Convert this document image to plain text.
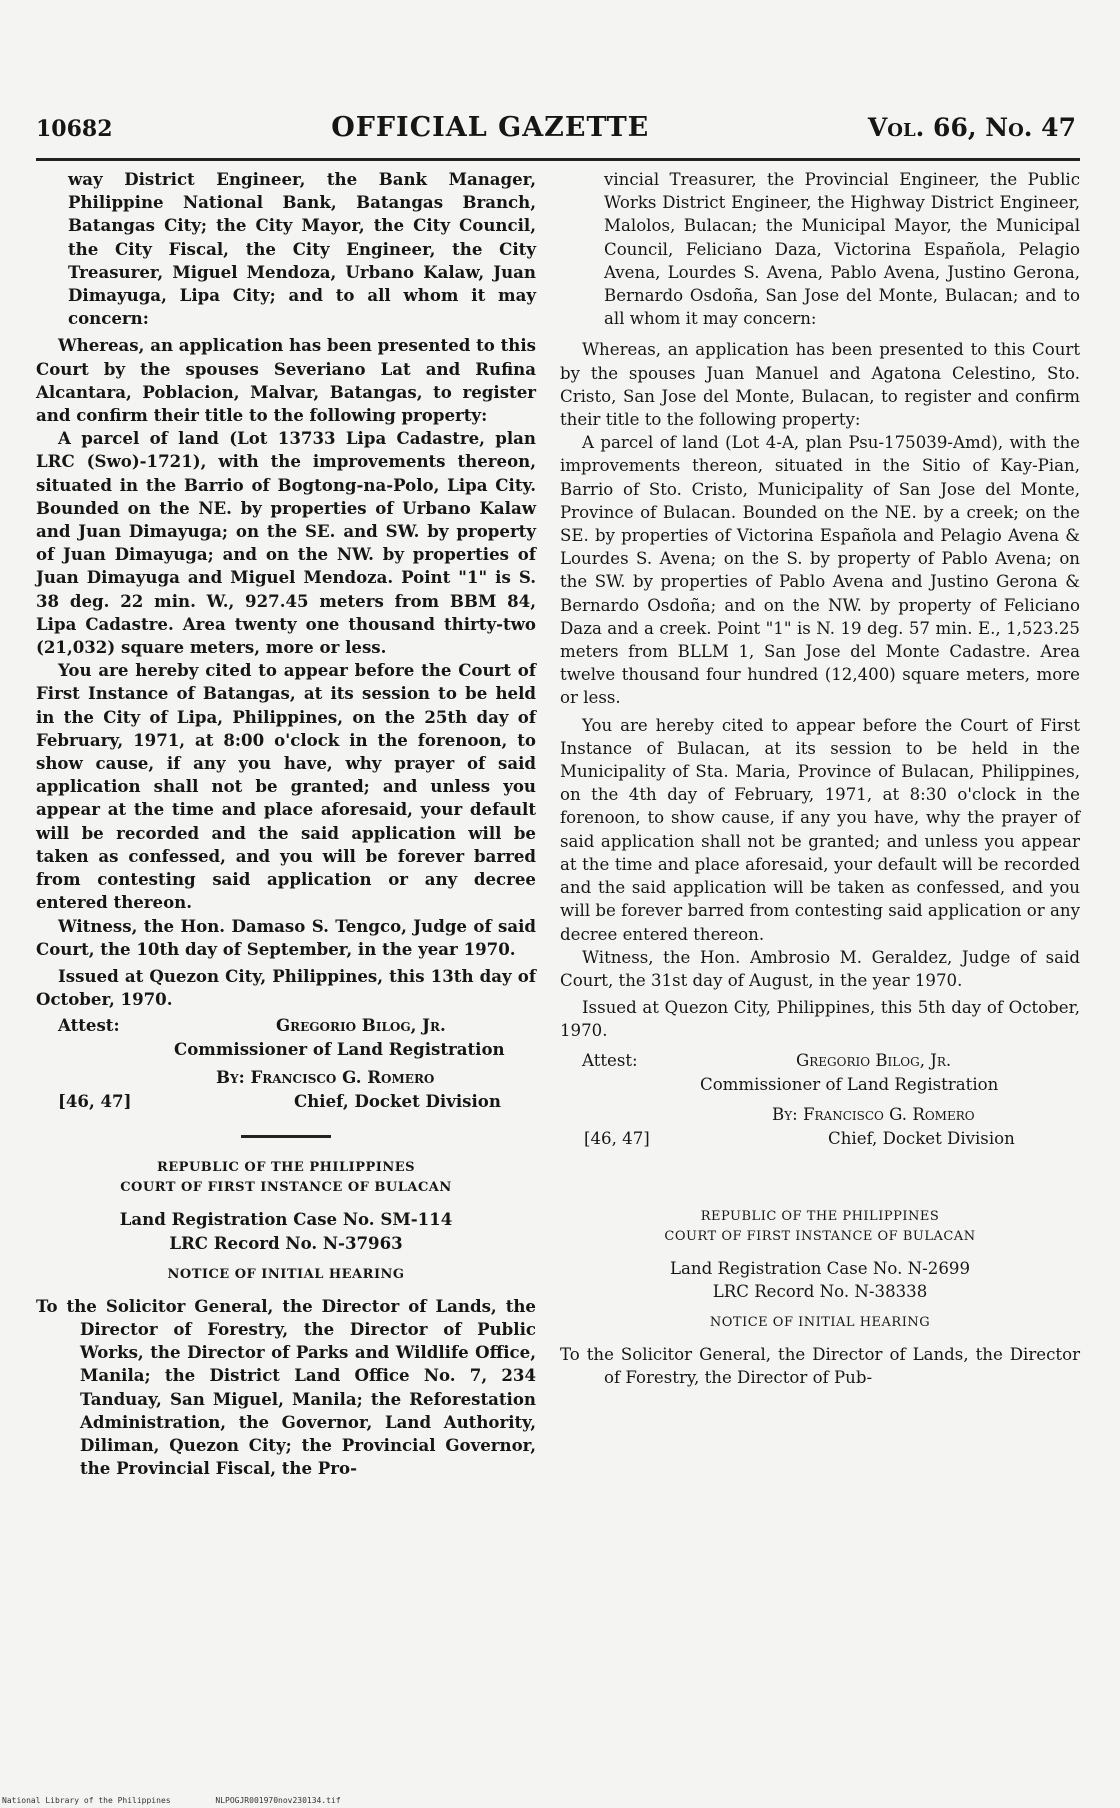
10682	OFFICIAL GAZETTE	Vol. 66, No. 47

way District Engineer, the Bank Manager, Philippine National Bank, Batangas Branch, Batangas City; the City Mayor, the City Council, the City Fiscal, the City Engineer, the City Treasurer, Miguel Mendoza, Urbano Kalaw, Juan Dimayuga, Lipa City; and to all whom it may concern:

Whereas, an application has been presented to this Court by the spouses Severiano Lat and Rufina Alcantara, Poblacion, Malvar, Batangas, to register and confirm their title to the following property:

A parcel of land (Lot 13733 Lipa Cadastre, plan LRC (Swo)-1721), with the improvements thereon, situated in the Barrio of Bogtong-na-Polo, Lipa City. Bounded on the NE. by properties of Urbano Kalaw and Juan Dimayuga; on the SE. and SW. by property of Juan Dimayuga; and on the NW. by properties of Juan Dimayuga and Miguel Mendoza. Point "1" is S. 38 deg. 22 min. W., 927.45 meters from BBM 84, Lipa Cadastre. Area twenty one thousand thirty-two (21,032) square meters, more or less.

You are hereby cited to appear before the Court of First Instance of Batangas, at its session to be held in the City of Lipa, Philippines, on the 25th day of February, 1971, at 8:00 o'clock in the forenoon, to show cause, if any you have, why prayer of said application shall not be granted; and unless you appear at the time and place aforesaid, your default will be recorded and the said application will be taken as confessed, and you will be forever barred from contesting said application or any decree entered thereon.

Witness, the Hon. Damaso S. Tengco, Judge of said Court, the 10th day of September, in the year 1970.

Issued at Quezon City, Philippines, this 13th day of October, 1970.

Attest:	Gregorio Bilog, Jr.
Commissioner of Land Registration
By: Francisco G. Romero
[46, 47]	Chief, Docket Division

REPUBLIC OF THE PHILIPPINES

COURT OF FIRST INSTANCE OF BULACAN

Land Registration Case No. SM-114

LRC Record No. N-37963

NOTICE OF INITIAL HEARING

To the Solicitor General, the Director of Lands, the Director of Forestry, the Director of Public Works, the Director of Parks and Wildlife Office, Manila; the District Land Office No. 7, 234 Tanduay, San Miguel, Manila; the Reforestation Administration, the Governor, Land Authority, Diliman, Quezon City; the Provincial Governor, the Provincial Fiscal, the Pro-

vincial Treasurer, the Provincial Engineer, the Public Works District Engineer, the Highway District Engineer, Malolos, Bulacan; the Municipal Mayor, the Municipal Council, Feliciano Daza, Victorina Española, Pelagio Avena, Lourdes S. Avena, Pablo Avena, Justino Gerona, Bernardo Osdoña, San Jose del Monte, Bulacan; and to all whom it may concern:

Whereas, an application has been presented to this Court by the spouses Juan Manuel and Agatona Celestino, Sto. Cristo, San Jose del Monte, Bulacan, to register and confirm their title to the following property:

A parcel of land (Lot 4-A, plan Psu-175039-Amd), with the improvements thereon, situated in the Sitio of Kay-Pian, Barrio of Sto. Cristo, Municipality of San Jose del Monte, Province of Bulacan. Bounded on the NE. by a creek; on the SE. by properties of Victorina Española and Pelagio Avena & Lourdes S. Avena; on the S. by property of Pablo Avena; on the SW. by properties of Pablo Avena and Justino Gerona & Bernardo Osdoña; and on the NW. by property of Feliciano Daza and a creek. Point "1" is N. 19 deg. 57 min. E., 1,523.25 meters from BLLM 1, San Jose del Monte Cadastre. Area twelve thousand four hundred (12,400) square meters, more or less.

You are hereby cited to appear before the Court of First Instance of Bulacan, at its session to be held in the Municipality of Sta. Maria, Province of Bulacan, Philippines, on the 4th day of February, 1971, at 8:30 o'clock in the forenoon, to show cause, if any you have, why the prayer of said application shall not be granted; and unless you appear at the time and place aforesaid, your default will be recorded and the said application will be taken as confessed, and you will be forever barred from contesting said application or any decree entered thereon.

Witness, the Hon. Ambrosio M. Geraldez, Judge of said Court, the 31st day of August, in the year 1970.

Issued at Quezon City, Philippines, this 5th day of October, 1970.

Attest:	Gregorio Bilog, Jr.
Commissioner of Land Registration
By: Francisco G. Romero
[46, 47]	Chief, Docket Division

REPUBLIC OF THE PHILIPPINES

COURT OF FIRST INSTANCE OF BULACAN

Land Registration Case No. N-2699

LRC Record No. N-38338

NOTICE OF INITIAL HEARING

To the Solicitor General, the Director of Lands, the Director of Forestry, the Director of Pub-

National Library of the Philippines	NLPOGJR001970nov230134.tif
